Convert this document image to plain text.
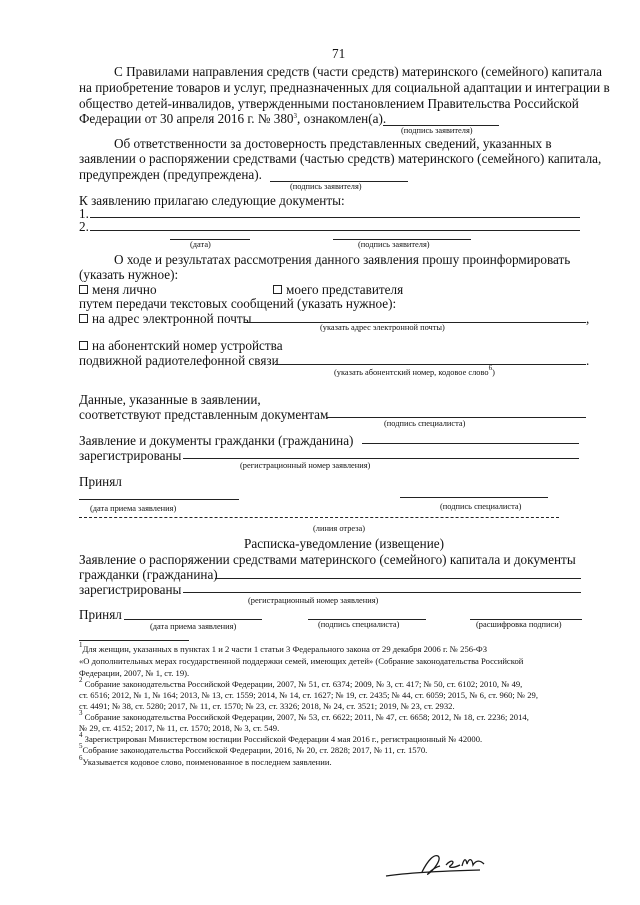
71
С Правилами направления средств (части средств) материнского (семейного) капитала
на приобретение товаров и услуг, предназначенных для социальной адаптации и интеграции в
общество детей-инвалидов, утвержденными постановлением Правительства Российской
Федерации от 30 апреля 2016 г. № $380^3$, ознакомлен(а).
(подпись заявителя)
Об ответственности за достоверность представленных сведений, указанных в
заявлении о распоряжении средствами (частью средств) материнского (семейного) капитала,
предупрежден (предупреждена).
(подпись заявителя)
К заявлению прилагаю следующие документы:
1.
2.
(дата)	(подпись заявителя)
О ходе и результатах рассмотрения данного заявления прошу проинформировать
(указать нужное):
меня лично	моего представителя
путем передачи текстовых сообщений (указать нужное):
на адрес электронной почты	,
(указать адрес электронной почты)
на абонентский номер устройства
подвижной радиотелефонной связи	.
(указать абонентский номер, кодовое слово$^6$)
Данные, указанные в заявлении,
соответствуют представленным документам
(подпись специалиста)
Заявление и документы гражданки (гражданина)
зарегистрированы
(регистрационный номер заявления)
Принял
(дата приема заявления)	(подпись специалиста)
(линия отреза)
Расписка-уведомление (извещение)
Заявление о распоряжении средствами материнского (семейного) капитала и документы
гражданки (гражданина)
зарегистрированы
(регистрационный номер заявления)
Принял
(дата приема заявления)	(подпись специалиста)	(расшифровка подписи)
$^1$Для женщин, указанных в пунктах 1 и 2 части 1 статьи 3 Федерального закона от 29 декабря 2006 г. № 256-ФЗ
«О дополнительных мерах государственной поддержки семей, имеющих детей» (Собрание законодательства Российской
Федерации, 2007, № 1, ст. 19).
$^2$ Собрание законодательства Российской Федерации, 2007, № 51, ст. 6374; 2009, № 3, ст. 417; № 50, ст. 6102; 2010, № 49,
ст. 6516; 2012, № 1, № 164; 2013, № 13, ст. 1559; 2014, № 14, ст. 1627; № 19, ст. 2435; № 44, ст. 6059; 2015, № 6, ст. 960; № 29,
ст. 4491; № 38, ст. 5280; 2017, № 11, ст. 1570; № 23, ст. 3326; 2018, № 24, ст. 3521; 2019, № 23, ст. 2932.
$^3$ Собрание законодательства Российской Федерации, 2007, № 53, ст. 6622; 2011, № 47, ст. 6658; 2012, № 18, ст. 2236; 2014,
№ 29, ст. 4152; 2017, № 11, ст. 1570; 2018, № 3, ст. 549.
$^4$ Зарегистрирован Министерством юстиции Российской Федерации 4 мая 2016 г., регистрационный № 42000.
$^5$Собрание законодательства Российской Федерации, 2016, № 20, ст. 2828; 2017, № 11, ст. 1570.
$^6$Указывается кодовое слово, поименованное в последнем заявлении.
